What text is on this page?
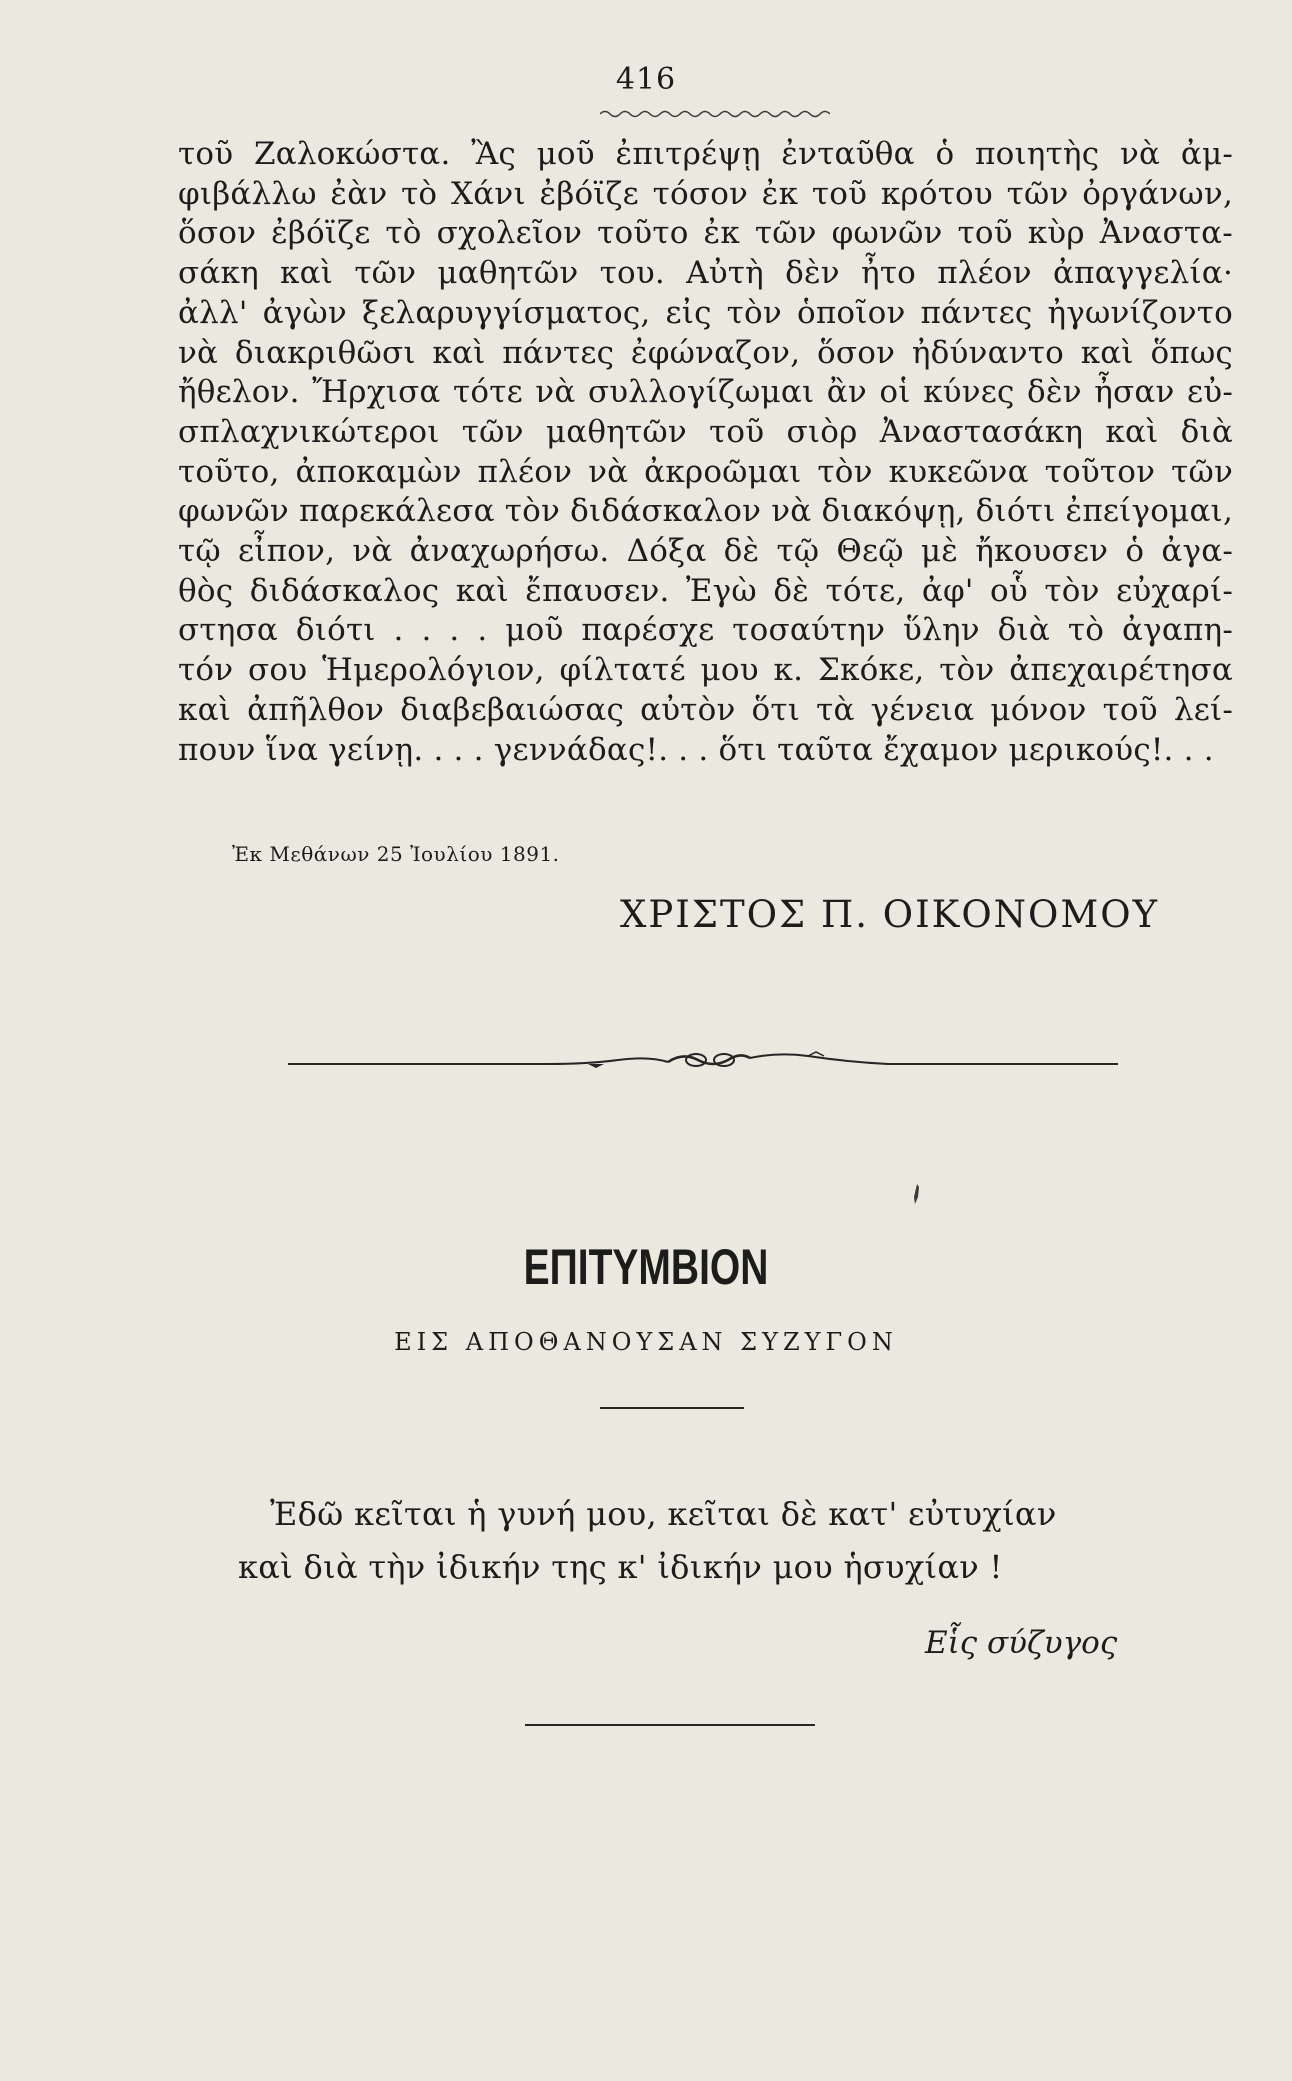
416
τοῦ Ζαλοκώστα. Ἂς μοῦ ἐπιτρέψῃ ἐνταῦθα ὁ ποιητὴς νὰ ἀμ-
φιβάλλω ἐὰν τὸ Χάνι ἐβόϊζε τόσον ἐκ τοῦ κρότου τῶν ὀργάνων,
ὅσον ἐβόϊζε τὸ σχολεῖον τοῦτο ἐκ τῶν φωνῶν τοῦ κὺρ Ἀναστα-
σάκη καὶ τῶν μαθητῶν του. Αὐτὴ δὲν ἦτο πλέον ἀπαγγελία·
ἀλλ' ἀγὼν ξελαρυγγίσματος, εἰς τὸν ὁποῖον πάντες ἠγωνίζοντο
νὰ διακριθῶσι καὶ πάντες ἐφώναζον, ὅσον ἠδύναντο καὶ ὅπως
ἤθελον. Ἤρχισα τότε νὰ συλλογίζωμαι ἂν οἱ κύνες δὲν ἦσαν εὐ-
σπλαχνικώτεροι τῶν μαθητῶν τοῦ σιὸρ Ἀναστασάκη καὶ διὰ
τοῦτο, ἀποκαμὼν πλέον νὰ ἀκροῶμαι τὸν κυκεῶνα τοῦτον τῶν
φωνῶν παρεκάλεσα τὸν διδάσκαλον νὰ διακόψῃ, διότι ἐπείγομαι,
τῷ εἶπον, νὰ ἀναχωρήσω. Δόξα δὲ τῷ Θεῷ μὲ ἤκουσεν ὁ ἀγα-
θὸς διδάσκαλος καὶ ἔπαυσεν. Ἐγὼ δὲ τότε, ἀφ' οὗ τὸν εὐχαρί-
στησα διότι . . . . μοῦ παρέσχε τοσαύτην ὕλην διὰ τὸ ἀγαπη-
τόν σου Ἡμερολόγιον, φίλτατέ μου κ. Σκόκε, τὸν ἀπεχαιρέτησα
καὶ ἀπῆλθον διαβεβαιώσας αὐτὸν ὅτι τὰ γένεια μόνον τοῦ λεί-
πουν ἵνα γείνῃ. . . . γεννάδας!. . . ὅτι ταῦτα ἔχαμον μερικούς!. . .
Ἐκ Μεθάνων 25 Ἰουλίου 1891.
ΧΡΙΣΤΟΣ Π. ΟΙΚΟΝΟΜΟΥ
ΕΠΙΤΥΜΒΙΟΝ
ΕΙΣ ΑΠΟΘΑΝΟΥΣΑΝ ΣΥΖΥΓΟΝ
Ἐδῶ κεῖται ἡ γυνή μου, κεῖται δὲ κατ' εὐτυχίαν
καὶ διὰ τὴν ἰδικήν της κ' ἰδικήν μου ἡσυχίαν !
Εἷς σύζυγος
